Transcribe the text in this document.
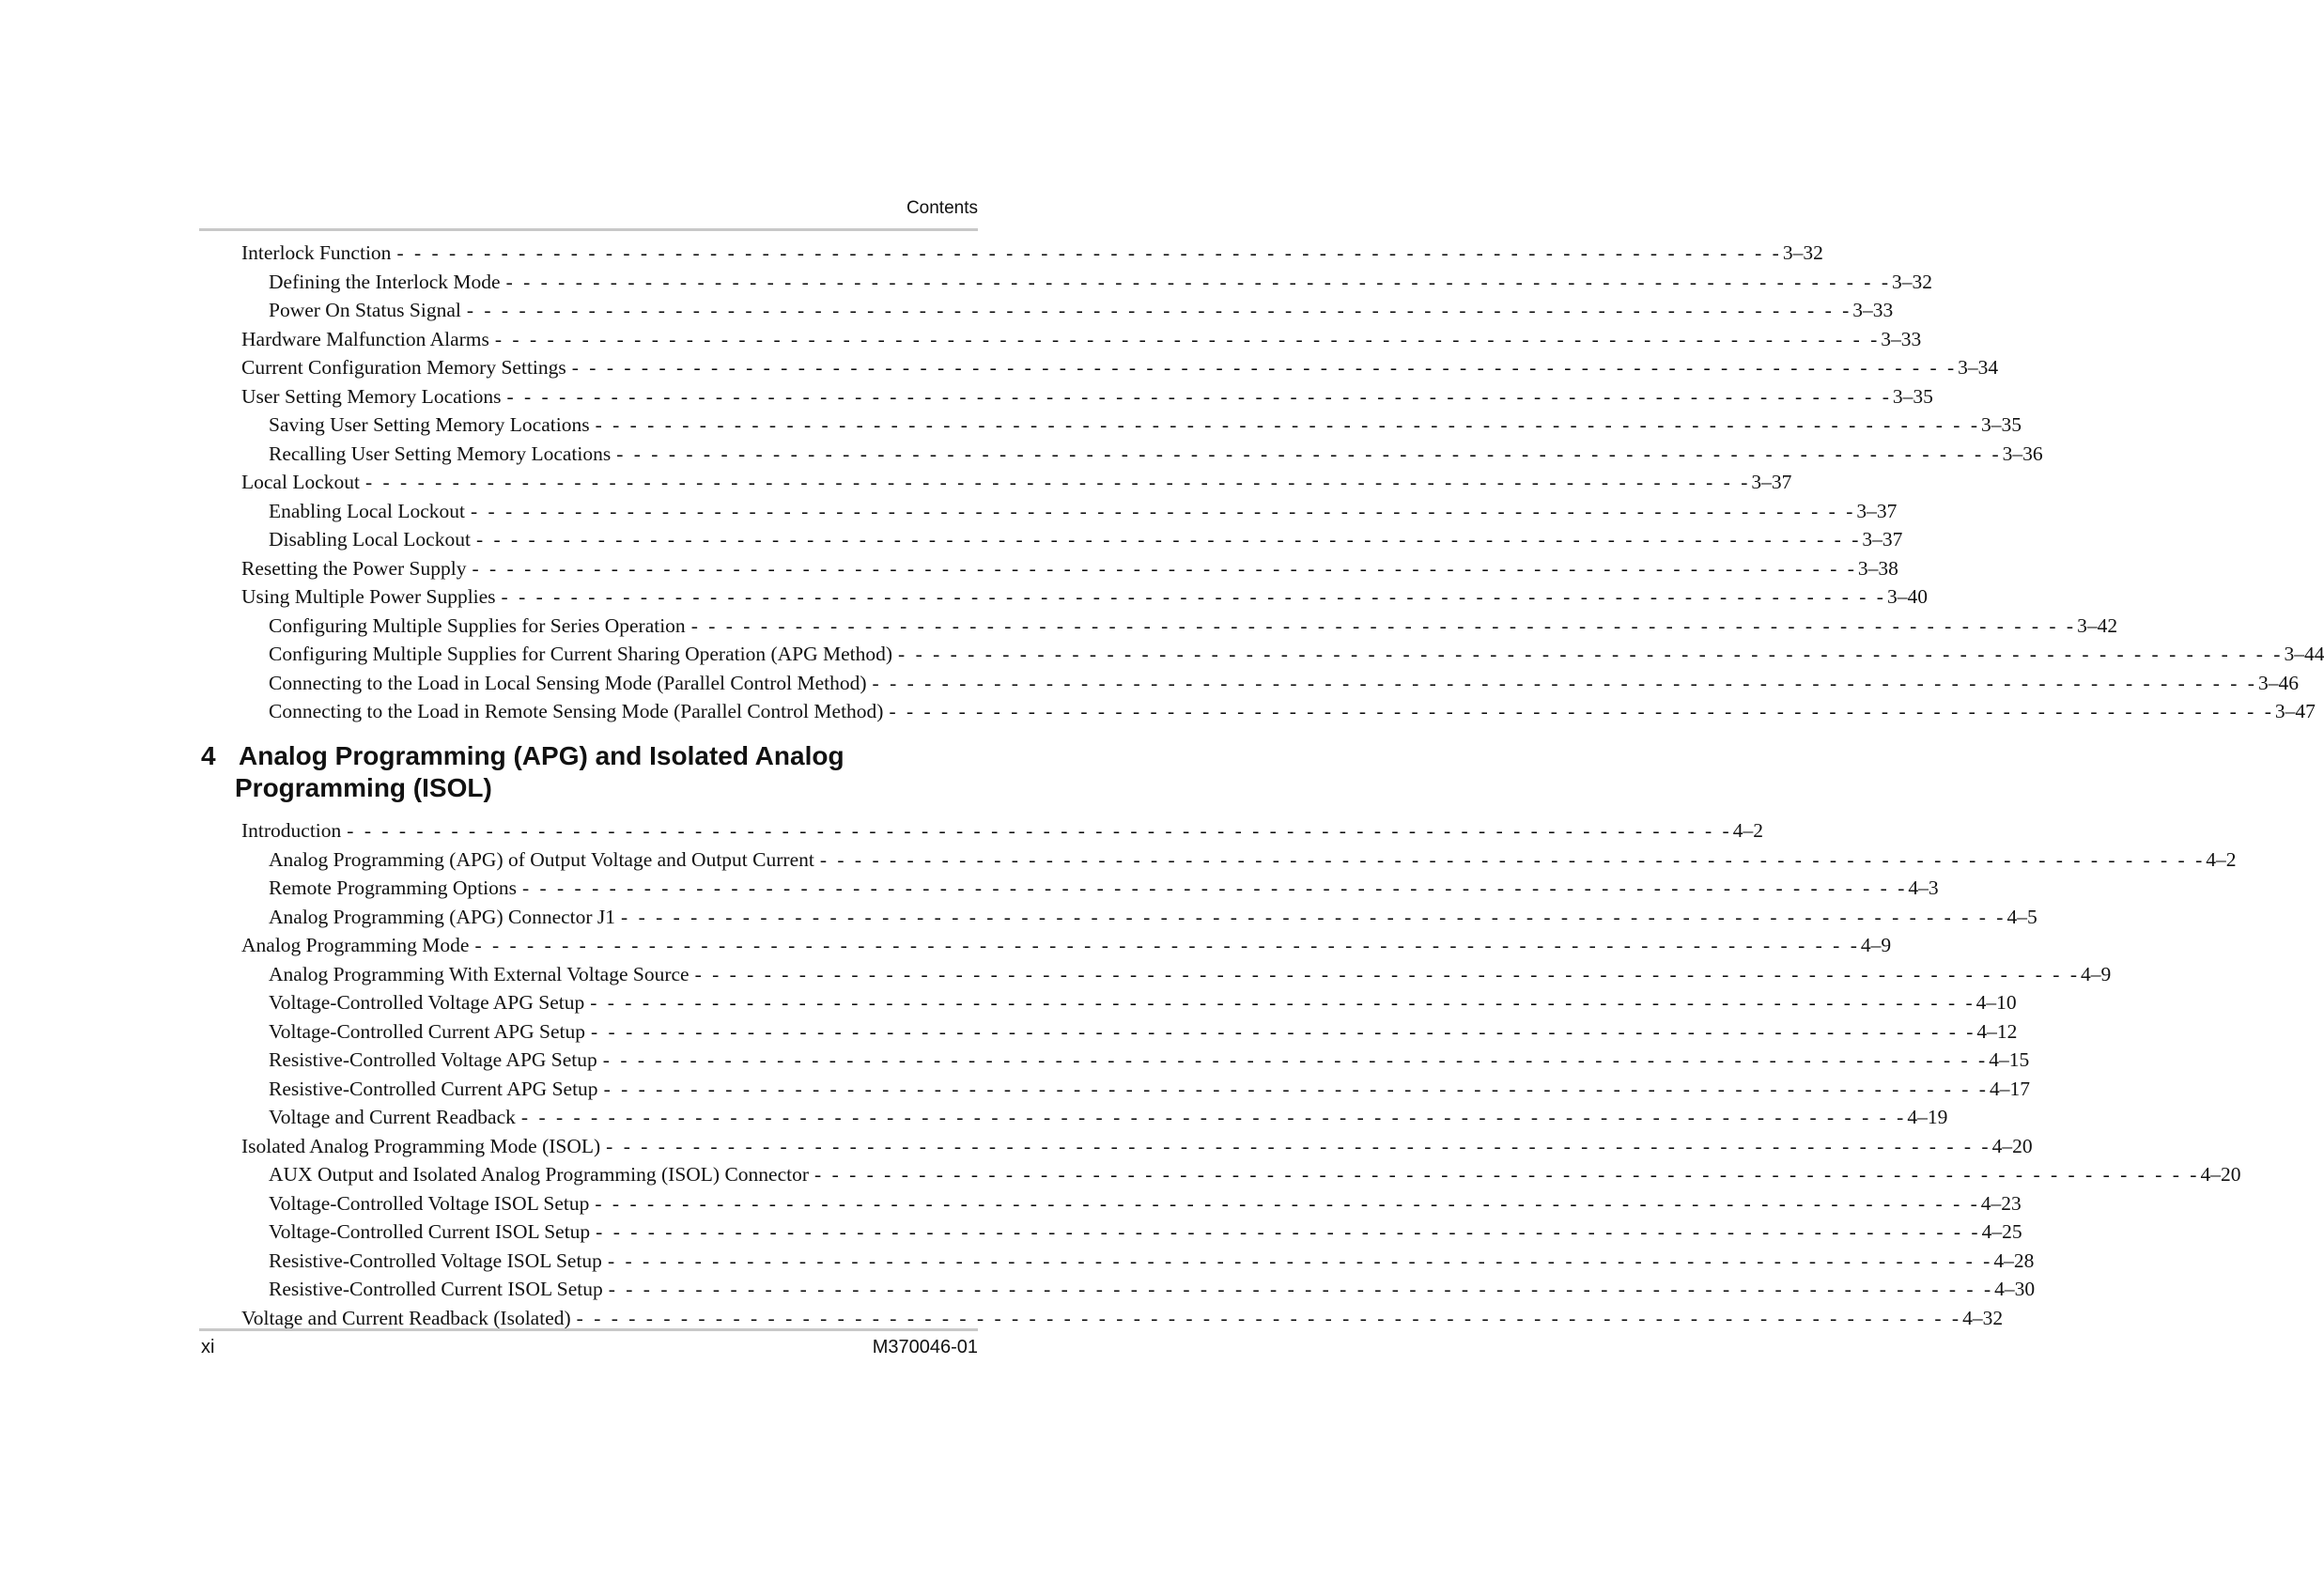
Contents
Interlock Function - - - - - - - - - - - - - - - - - - - - - - - - - - - - - - - - - - - - - - - - - - - - - - - - - - - - - - - - - - - - - - - - - - - - - - - - - - - - - - - - 3–32
Defining the Interlock Mode - - - - - - - - - - - - - - - - - - - - - - - - - - - - - - - - - - - - - - - - - - - - - - - - - - - - - - - - - - - - - - - - - - - - - - - - - - - - - - - - 3–32
Power On Status Signal - - - - - - - - - - - - - - - - - - - - - - - - - - - - - - - - - - - - - - - - - - - - - - - - - - - - - - - - - - - - - - - - - - - - - - - - - - - - - - - - 3–33
Hardware Malfunction Alarms - - - - - - - - - - - - - - - - - - - - - - - - - - - - - - - - - - - - - - - - - - - - - - - - - - - - - - - - - - - - - - - - - - - - - - - - - - - - - - - - 3–33
Current Configuration Memory Settings - - - - - - - - - - - - - - - - - - - - - - - - - - - - - - - - - - - - - - - - - - - - - - - - - - - - - - - - - - - - - - - - - - - - - - - - - - - - - - - - 3–34
User Setting Memory Locations - - - - - - - - - - - - - - - - - - - - - - - - - - - - - - - - - - - - - - - - - - - - - - - - - - - - - - - - - - - - - - - - - - - - - - - - - - - - - - - - 3–35
Saving User Setting Memory Locations - - - - - - - - - - - - - - - - - - - - - - - - - - - - - - - - - - - - - - - - - - - - - - - - - - - - - - - - - - - - - - - - - - - - - - - - - - - - - - - - 3–35
Recalling User Setting Memory Locations - - - - - - - - - - - - - - - - - - - - - - - - - - - - - - - - - - - - - - - - - - - - - - - - - - - - - - - - - - - - - - - - - - - - - - - - - - - - - - - - 3–36
Local Lockout - - - - - - - - - - - - - - - - - - - - - - - - - - - - - - - - - - - - - - - - - - - - - - - - - - - - - - - - - - - - - - - - - - - - - - - - - - - - - - - - 3–37
Enabling Local Lockout - - - - - - - - - - - - - - - - - - - - - - - - - - - - - - - - - - - - - - - - - - - - - - - - - - - - - - - - - - - - - - - - - - - - - - - - - - - - - - - - 3–37
Disabling Local Lockout - - - - - - - - - - - - - - - - - - - - - - - - - - - - - - - - - - - - - - - - - - - - - - - - - - - - - - - - - - - - - - - - - - - - - - - - - - - - - - - - 3–37
Resetting the Power Supply - - - - - - - - - - - - - - - - - - - - - - - - - - - - - - - - - - - - - - - - - - - - - - - - - - - - - - - - - - - - - - - - - - - - - - - - - - - - - - - - 3–38
Using Multiple Power Supplies - - - - - - - - - - - - - - - - - - - - - - - - - - - - - - - - - - - - - - - - - - - - - - - - - - - - - - - - - - - - - - - - - - - - - - - - - - - - - - - - 3–40
Configuring Multiple Supplies for Series Operation - - - - - - - - - - - - - - - - - - - - - - - - - - - - - - - - - - - - - - - - - - - - - - - - - - - - - - - - - - - - - - - - - - - - - - - - - - - - - - - - 3–42
Configuring Multiple Supplies for Current Sharing Operation (APG Method) - - - - - - - - - - - - - - - - - - - - - - - - - - - - - - - - - - - - - - - - - - - - - - - - - - - - - - - - - - - - - - - - - - - - - - - - - - - - - - - - 3–44
Connecting to the Load in Local Sensing Mode (Parallel Control Method) - - - - - - - - - - - - - - - - - - - - - - - - - - - - - - - - - - - - - - - - - - - - - - - - - - - - - - - - - - - - - - - - - - - - - - - - - - - - - - - - 3–46
Connecting to the Load in Remote Sensing Mode (Parallel Control Method) - - - - - - - - - - - - - - - - - - - - - - - - - - - - - - - - - - - - - - - - - - - - - - - - - - - - - - - - - - - - - - - - - - - - - - - - - - - - - - - - 3–47
4 Analog Programming (APG) and Isolated Analog
Programming (ISOL)
Introduction - - - - - - - - - - - - - - - - - - - - - - - - - - - - - - - - - - - - - - - - - - - - - - - - - - - - - - - - - - - - - - - - - - - - - - - - - - - - - - - - 4–2
Analog Programming (APG) of Output Voltage and Output Current - - - - - - - - - - - - - - - - - - - - - - - - - - - - - - - - - - - - - - - - - - - - - - - - - - - - - - - - - - - - - - - - - - - - - - - - - - - - - - - - 4–2
Remote Programming Options - - - - - - - - - - - - - - - - - - - - - - - - - - - - - - - - - - - - - - - - - - - - - - - - - - - - - - - - - - - - - - - - - - - - - - - - - - - - - - - - 4–3
Analog Programming (APG) Connector J1 - - - - - - - - - - - - - - - - - - - - - - - - - - - - - - - - - - - - - - - - - - - - - - - - - - - - - - - - - - - - - - - - - - - - - - - - - - - - - - - - 4–5
Analog Programming Mode - - - - - - - - - - - - - - - - - - - - - - - - - - - - - - - - - - - - - - - - - - - - - - - - - - - - - - - - - - - - - - - - - - - - - - - - - - - - - - - - 4–9
Analog Programming With External Voltage Source - - - - - - - - - - - - - - - - - - - - - - - - - - - - - - - - - - - - - - - - - - - - - - - - - - - - - - - - - - - - - - - - - - - - - - - - - - - - - - - - 4–9
Voltage-Controlled Voltage APG Setup - - - - - - - - - - - - - - - - - - - - - - - - - - - - - - - - - - - - - - - - - - - - - - - - - - - - - - - - - - - - - - - - - - - - - - - - - - - - - - - - 4–10
Voltage-Controlled Current APG Setup - - - - - - - - - - - - - - - - - - - - - - - - - - - - - - - - - - - - - - - - - - - - - - - - - - - - - - - - - - - - - - - - - - - - - - - - - - - - - - - - 4–12
Resistive-Controlled Voltage APG Setup - - - - - - - - - - - - - - - - - - - - - - - - - - - - - - - - - - - - - - - - - - - - - - - - - - - - - - - - - - - - - - - - - - - - - - - - - - - - - - - - 4–15
Resistive-Controlled Current APG Setup - - - - - - - - - - - - - - - - - - - - - - - - - - - - - - - - - - - - - - - - - - - - - - - - - - - - - - - - - - - - - - - - - - - - - - - - - - - - - - - - 4–17
Voltage and Current Readback - - - - - - - - - - - - - - - - - - - - - - - - - - - - - - - - - - - - - - - - - - - - - - - - - - - - - - - - - - - - - - - - - - - - - - - - - - - - - - - - 4–19
Isolated Analog Programming Mode (ISOL) - - - - - - - - - - - - - - - - - - - - - - - - - - - - - - - - - - - - - - - - - - - - - - - - - - - - - - - - - - - - - - - - - - - - - - - - - - - - - - - - 4–20
AUX Output and Isolated Analog Programming (ISOL) Connector - - - - - - - - - - - - - - - - - - - - - - - - - - - - - - - - - - - - - - - - - - - - - - - - - - - - - - - - - - - - - - - - - - - - - - - - - - - - - - - - 4–20
Voltage-Controlled Voltage ISOL Setup - - - - - - - - - - - - - - - - - - - - - - - - - - - - - - - - - - - - - - - - - - - - - - - - - - - - - - - - - - - - - - - - - - - - - - - - - - - - - - - - 4–23
Voltage-Controlled Current ISOL Setup - - - - - - - - - - - - - - - - - - - - - - - - - - - - - - - - - - - - - - - - - - - - - - - - - - - - - - - - - - - - - - - - - - - - - - - - - - - - - - - - 4–25
Resistive-Controlled Voltage ISOL Setup - - - - - - - - - - - - - - - - - - - - - - - - - - - - - - - - - - - - - - - - - - - - - - - - - - - - - - - - - - - - - - - - - - - - - - - - - - - - - - - - 4–28
Resistive-Controlled Current ISOL Setup - - - - - - - - - - - - - - - - - - - - - - - - - - - - - - - - - - - - - - - - - - - - - - - - - - - - - - - - - - - - - - - - - - - - - - - - - - - - - - - - 4–30
Voltage and Current Readback (Isolated) - - - - - - - - - - - - - - - - - - - - - - - - - - - - - - - - - - - - - - - - - - - - - - - - - - - - - - - - - - - - - - - - - - - - - - - - - - - - - - - - 4–32
xi	M370046-01
